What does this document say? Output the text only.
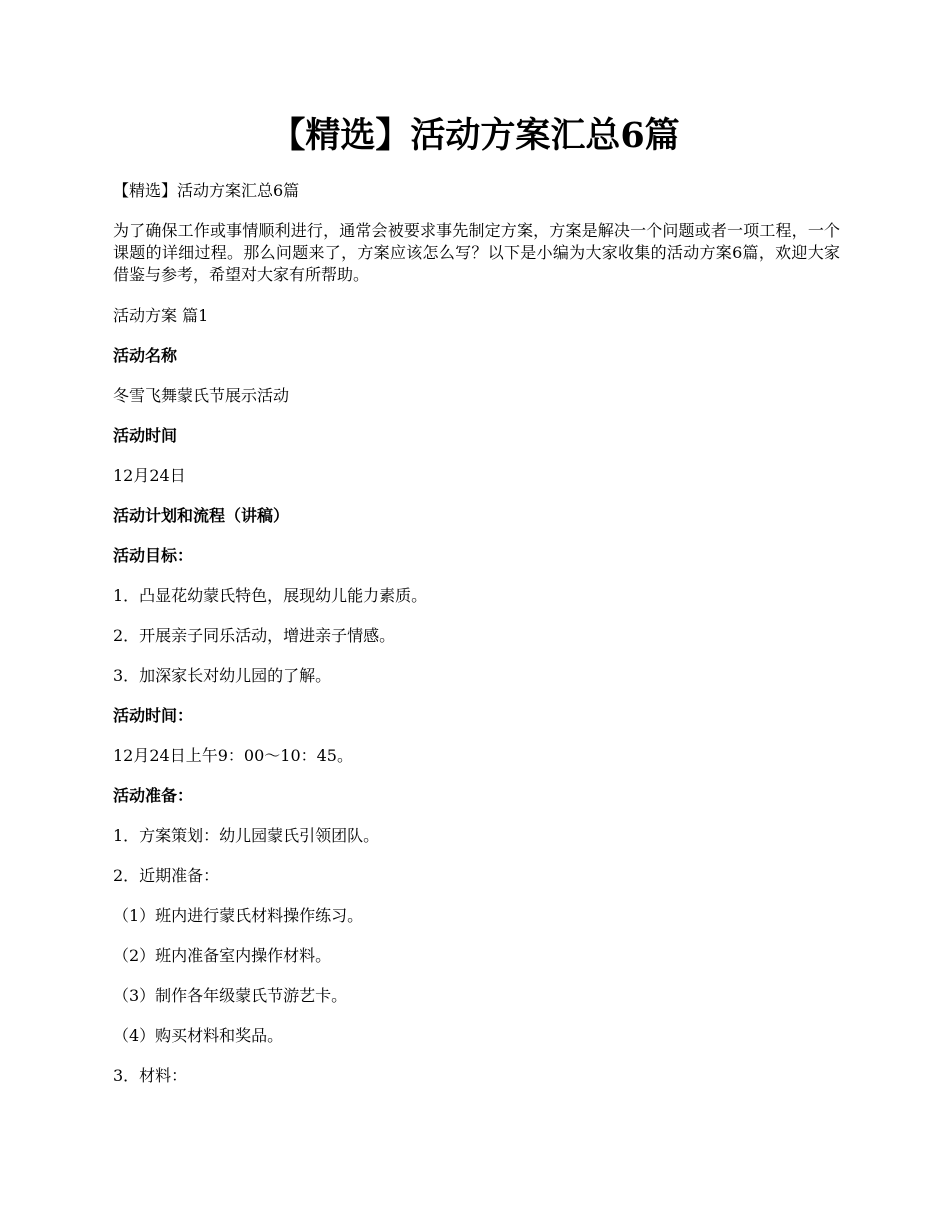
【精选】活动方案汇总6篇

【精选】活动方案汇总6篇

为了确保工作或事情顺利进行，通常会被要求事先制定方案，方案是解决一个问题或者一项工程，一个课题的详细过程。那么问题来了，方案应该怎么写？以下是小编为大家收集的活动方案6篇，欢迎大家借鉴与参考，希望对大家有所帮助。

活动方案 篇1

活动名称

冬雪飞舞蒙氏节展示活动

活动时间

12月24日

活动计划和流程（讲稿）

活动目标：

1．凸显花幼蒙氏特色，展现幼儿能力素质。

2．开展亲子同乐活动，增进亲子情感。

3．加深家长对幼儿园的了解。

活动时间：

12月24日上午9：00～10：45。

活动准备：

1．方案策划：幼儿园蒙氏引领团队。

2．近期准备：

（1）班内进行蒙氏材料操作练习。

（2）班内准备室内操作材料。

（3）制作各年级蒙氏节游艺卡。

（4）购买材料和奖品。

3．材料：
